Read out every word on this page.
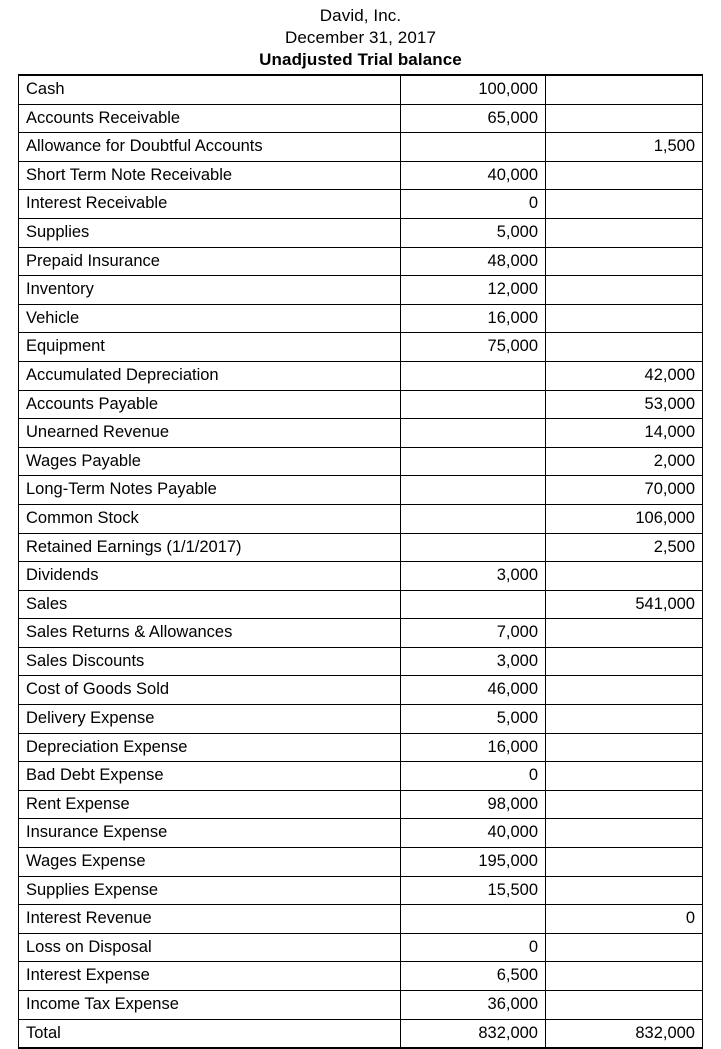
David, Inc.
December 31, 2017
Unadjusted Trial balance
Cash	100,000	
Accounts Receivable	65,000	
Allowance for Doubtful Accounts		1,500
Short Term Note Receivable	40,000	
Interest Receivable	0	
Supplies	5,000	
Prepaid Insurance	48,000	
Inventory	12,000	
Vehicle	16,000	
Equipment	75,000	
Accumulated Depreciation		42,000
Accounts Payable		53,000
Unearned Revenue		14,000
Wages Payable		2,000
Long-Term Notes Payable		70,000
Common Stock		106,000
Retained Earnings (1/1/2017)		2,500
Dividends	3,000	
Sales		541,000
Sales Returns & Allowances	7,000	
Sales Discounts	3,000	
Cost of Goods Sold	46,000	
Delivery Expense	5,000	
Depreciation Expense	16,000	
Bad Debt Expense	0	
Rent Expense	98,000	
Insurance Expense	40,000	
Wages Expense	195,000	
Supplies Expense	15,500	
Interest Revenue		0
Loss on Disposal	0	
Interest Expense	6,500	
Income Tax Expense	36,000	
Total	832,000	832,000
